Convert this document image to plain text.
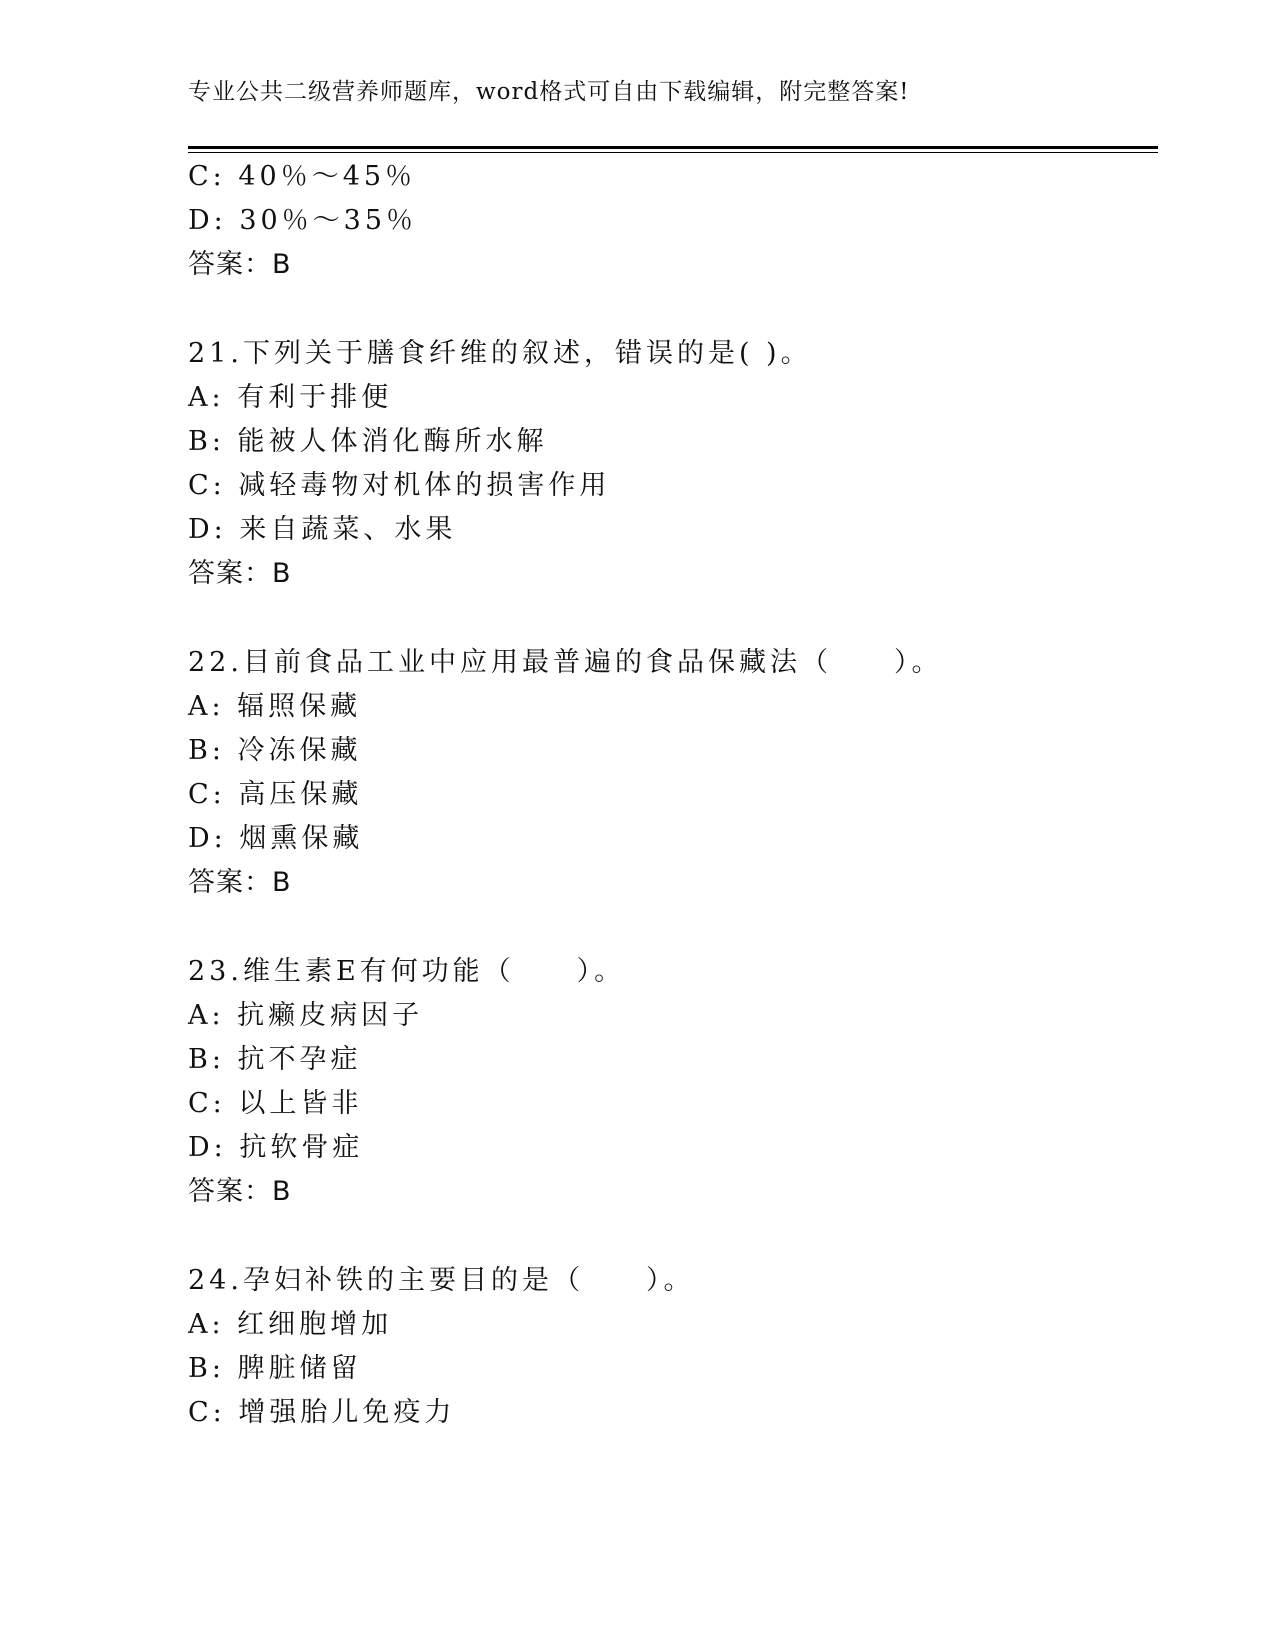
专业公共二级营养师题库，word格式可自由下载编辑，附完整答案!
C: 40％～45％
D: 30％～35％
答案：B
21.下列关于膳食纤维的叙述，错误的是( )。
A: 有利于排便
B: 能被人体消化酶所水解
C: 减轻毒物对机体的损害作用
D: 来自蔬菜、水果
答案：B
22.目前食品工业中应用最普遍的食品保藏法（　　）。
A: 辐照保藏
B: 冷冻保藏
C: 高压保藏
D: 烟熏保藏
答案：B
23.维生素E有何功能（　　）。
A: 抗癞皮病因子
B: 抗不孕症
C: 以上皆非
D: 抗软骨症
答案：B
24.孕妇补铁的主要目的是（　　）。
A: 红细胞增加
B: 脾脏储留
C: 增强胎儿免疫力
